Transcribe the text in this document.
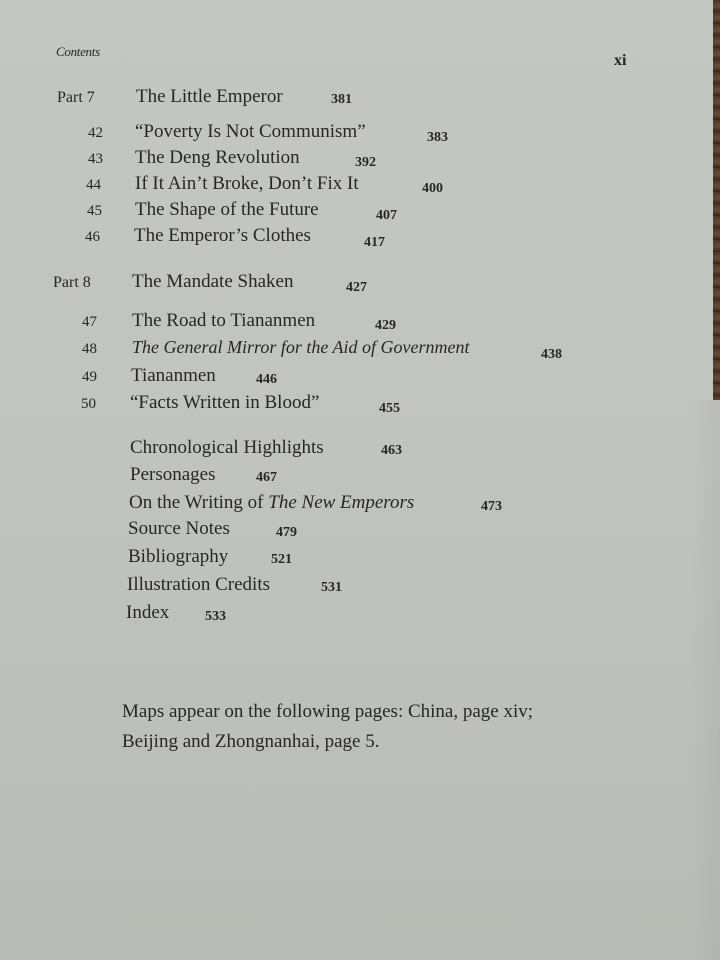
Contents
xi
Part 7 The Little Emperor	381
42 “Poverty Is Not Communism”	383
43 The Deng Revolution	392
44 If It Ain’t Broke, Don’t Fix It	400
45 The Shape of the Future	407
46 The Emperor’s Clothes	417
Part 8 The Mandate Shaken	427
47 The Road to Tiananmen	429
48 The General Mirror for the Aid of Government	438
49 Tiananmen	446
50 “Facts Written in Blood”	455
Chronological Highlights	463
Personages	467
On the Writing of The New Emperors	473
Source Notes	479
Bibliography	521
Illustration Credits	531
Index	533
Maps appear on the following pages: China, page xiv;
Beijing and Zhongnanhai, page 5.
